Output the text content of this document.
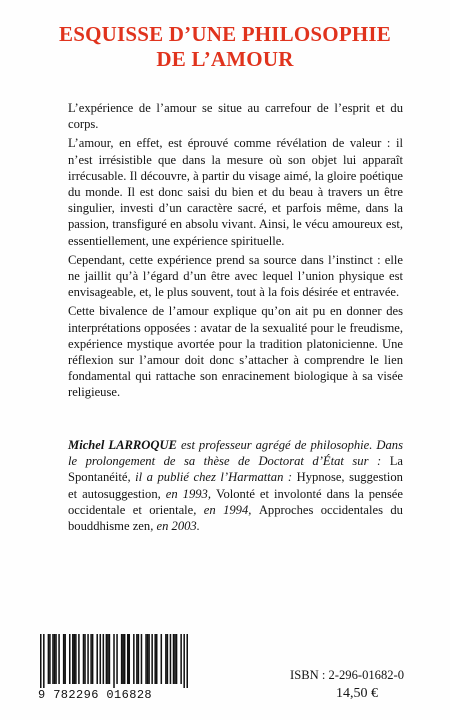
ESQUISSE D’UNE PHILOSOPHIE
DE L’AMOUR

L’expérience de l’amour se situe au carrefour de l’esprit et du corps.

L’amour, en effet, est éprouvé comme révélation de valeur : il n’est irrésistible que dans la mesure où son objet lui apparaît irrécusable. Il découvre, à partir du visage aimé, la gloire poétique du monde. Il est donc saisi du bien et du beau à travers un être singulier, investi d’un caractère sacré, et parfois même, dans la passion, transfiguré en absolu vivant. Ainsi, le vécu amoureux est, essentiellement, une expérience spirituelle.

Cependant, cette expérience prend sa source dans l’instinct : elle ne jaillit qu’à l’égard d’un être avec lequel l’union physique est envisageable, et, le plus souvent, tout à la fois désirée et entravée.

Cette bivalence de l’amour explique qu’on ait pu en donner des interprétations opposées : avatar de la sexualité pour le freudisme, expérience mystique avortée pour la tradition platonicienne. Une réflexion sur l’amour doit donc s’attacher à comprendre le lien fondamental qui rattache son enracinement biologique à sa visée religieuse.

Michel LARROQUE est professeur agrégé de philosophie. Dans le prolongement de sa thèse de Doctorat d’État sur : La Spontanéité, il a publié chez l’Harmattan : Hypnose, suggestion et autosuggestion, en 1993, Volonté et involonté dans la pensée occidentale et orientale, en 1994, Approches occidentales du bouddhisme zen, en 2003.
9 782296 016828
ISBN : 2-296-01682-0
14,50 €
